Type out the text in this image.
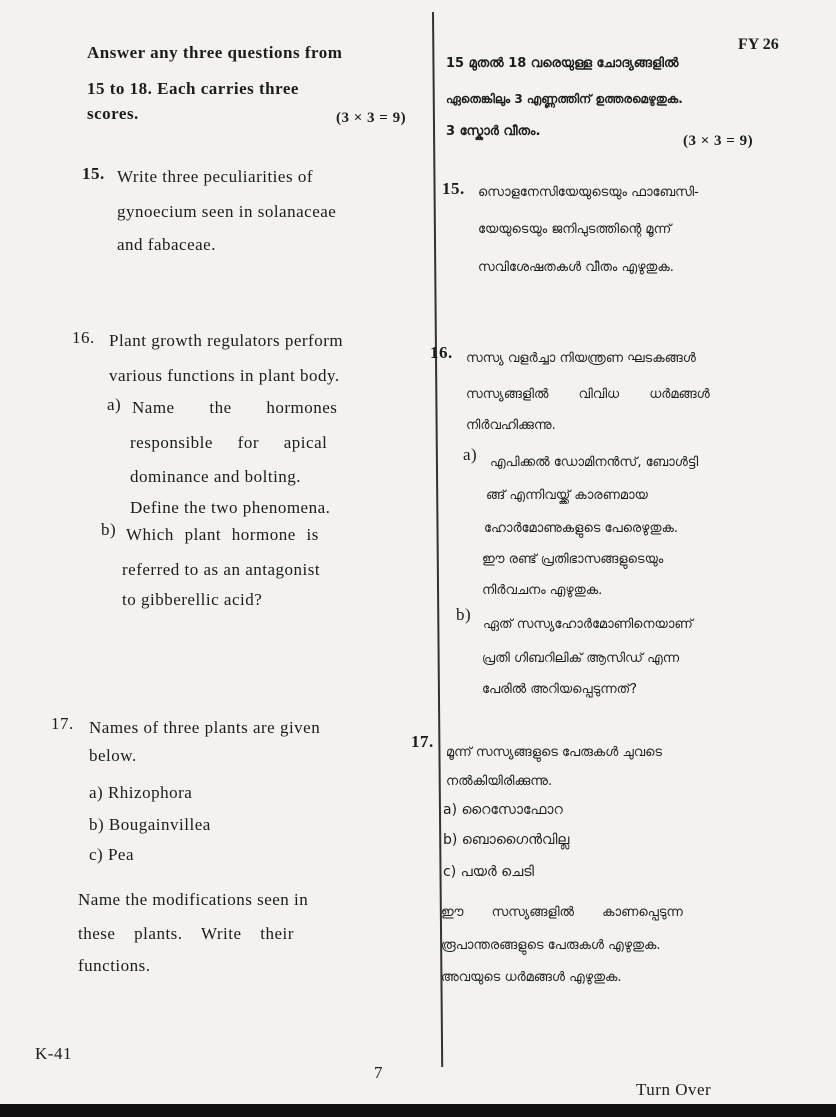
FY 26
Answer any three questions from
15 to 18. Each carries three
scores.	(3 × 3 = 9)
15. Write three peculiarities of
gynoecium seen in solanaceae
and fabaceae.
16. Plant growth regulators perform
various functions in plant body.
a) Name the hormones
responsible for apical
dominance and bolting.
Define the two phenomena.
b) Which plant hormone is
referred to as an antagonist
to gibberellic acid?
17. Names of three plants are given
below.
a) Rhizophora
b) Bougainvillea
c) Pea
Name the modifications seen in
these plants. Write their
functions.
15 മുതൽ 18 വരെയുള്ള ചോദ്യങ്ങളിൽ
ഏതെങ്കിലും 3 എണ്ണത്തിന് ഉത്തരമെഴുതുക.
3 സ്കോർ വീതം.
(3 × 3 = 9)
15. സൊളനേസിയേയുടെയും ഫാബേസി-
യേയുടെയും ജനിപുടത്തിന്റെ മൂന്ന്
സവിശേഷതകൾ വീതം എഴുതുക.
16. സസ്യ വളർച്ചാ നിയന്ത്രണ ഘടകങ്ങൾ
സസ്യങ്ങളിൽ വിവിധ ധർമങ്ങൾ
നിർവഹിക്കുന്നു.
a) എപിക്കൽ ഡോമിനൻസ്, ബോൾട്ടി
ങ്ങ് എന്നിവയ്ക്ക് കാരണമായ
ഹോർമോണുകളുടെ പേരെഴുതുക.
ഈ രണ്ട് പ്രതിഭാസങ്ങളുടെയും
നിർവചനം എഴുതുക.
b)
ഏത് സസ്യഹോർമോണിനെയാണ്
പ്രതി ഗിബറിലിക് ആസിഡ് എന്ന
പേരിൽ അറിയപ്പെടുന്നത്?
17.
മൂന്ന് സസ്യങ്ങളുടെ പേരുകൾ ചുവടെ
നൽകിയിരിക്കുന്നു.
a) റൈസോഫോറ
b) ബൊഗൈൻവില്ല
c) പയർ ചെടി
ഈ സസ്യങ്ങളിൽ കാണപ്പെടുന്ന
രൂപാന്തരങ്ങളുടെ പേരുകൾ എഴുതുക.
അവയുടെ ധർമങ്ങൾ എഴുതുക.
K-41
7
Turn Over
